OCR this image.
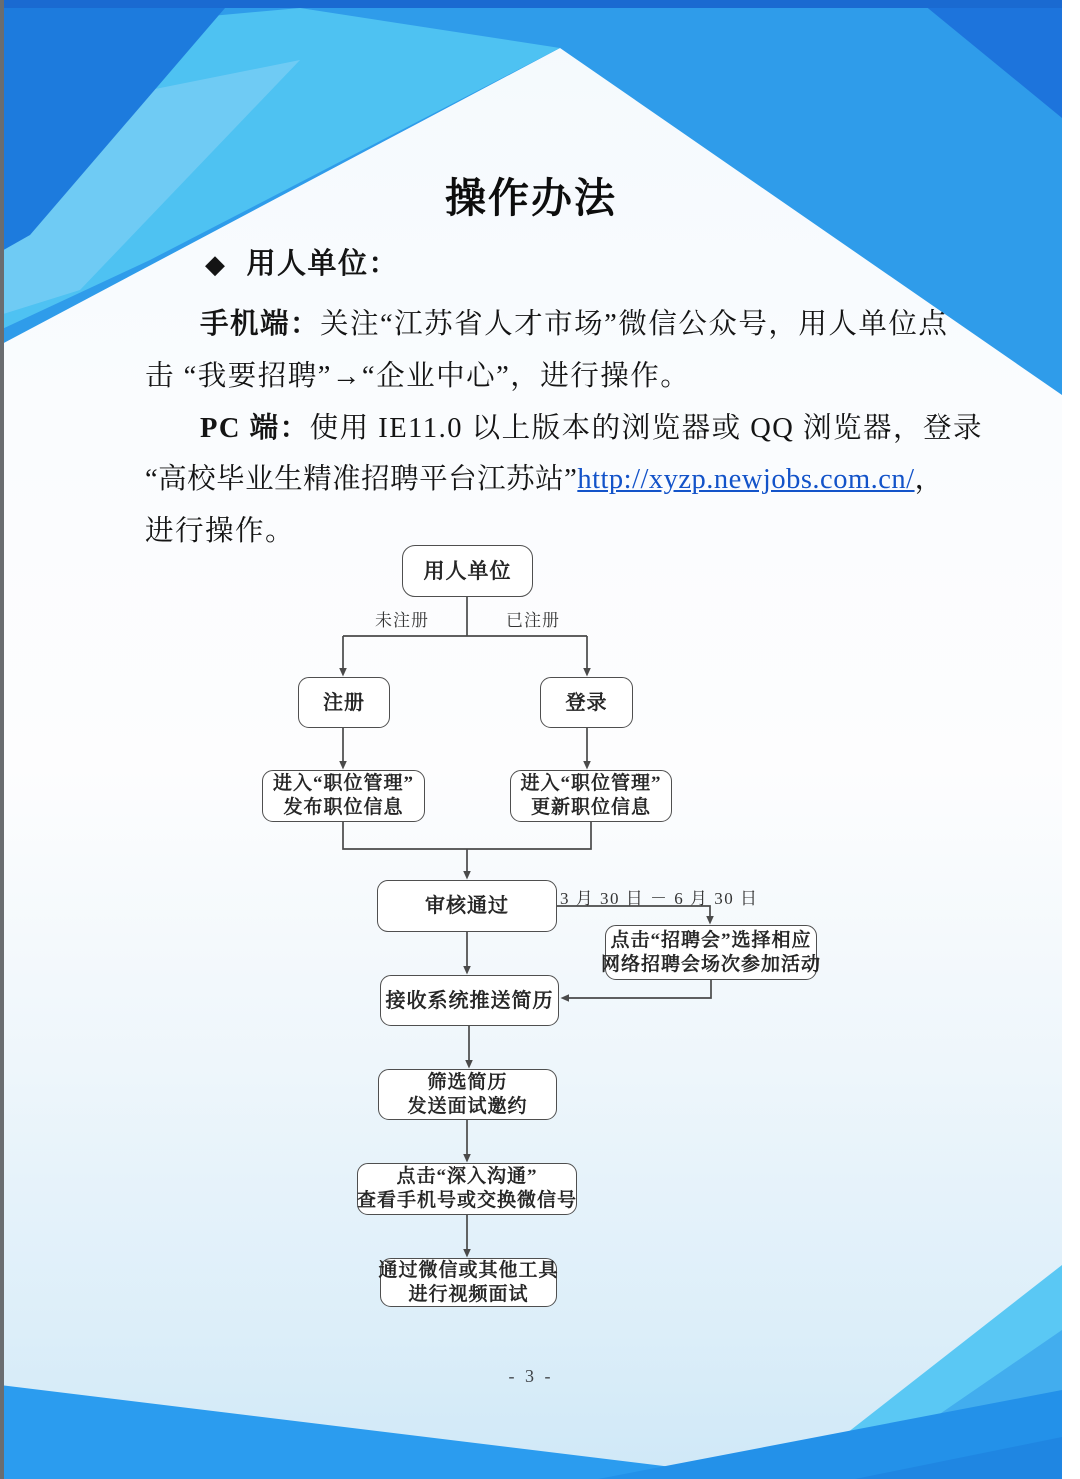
操作办法
◆ 用人单位：
手机端：关注“江苏省人才市场”微信公众号，用人单位点
击 “我要招聘”→“企业中心”，进行操作。
PC 端：使用 IE11.0 以上版本的浏览器或 QQ 浏览器，登录
“高校毕业生精准招聘平台江苏站”http://xyzp.newjobs.com.cn/，
进行操作。
用人单位
注册	登录
进入“职位管理”
发布职位信息
进入“职位管理”
更新职位信息
审核通过
点击“招聘会”选择相应
网络招聘会场次参加活动
接收系统推送简历
筛选简历
发送面试邀约
点击“深入沟通”
查看手机号或交换微信号
通过微信或其他工具
进行视频面试
未注册	已注册
3 月 30 日 － 6 月 30 日
- 3 -
